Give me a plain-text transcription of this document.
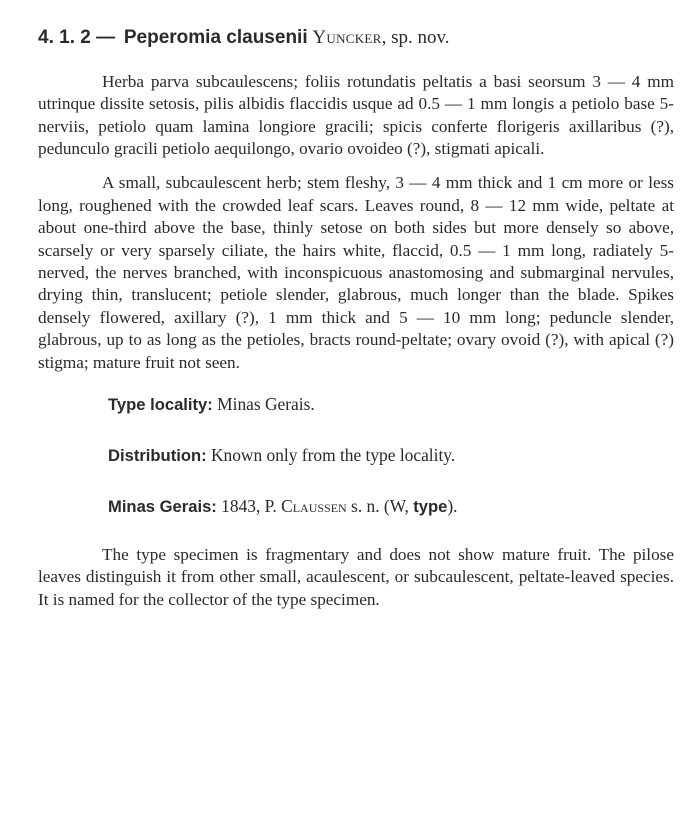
4. 1. 2 — Peperomia clausenii Yuncker, sp. nov.

Herba parva subcaulescens; foliis rotundatis peltatis a basi seorsum 3 — 4 mm utrinque dissite setosis, pilis albidis flaccidis usque ad 0.5 — 1 mm longis a petiolo base 5-nerviis, petiolo quam lamina longiore gracili; spicis conferte florigeris axillaribus (?), pedunculo gracili petiolo aequilongo, ovario ovoideo (?), stigmati apicali.

A small, subcaulescent herb; stem fleshy, 3 — 4 mm thick and 1 cm more or less long, roughened with the crowded leaf scars. Leaves round, 8 — 12 mm wide, peltate at about one-third above the base, thinly setose on both sides but more densely so above, scarsely or very sparsely ciliate, the hairs white, flaccid, 0.5 — 1 mm long, radiately 5-nerved, the nerves branched, with inconspicuous anastomosing and submarginal nervules, drying thin, translucent; petiole slender, glabrous, much longer than the blade. Spikes densely flowered, axillary (?), 1 mm thick and 5 — 10 mm long; peduncle slender, glabrous, up to as long as the petioles, bracts round-peltate; ovary ovoid (?), with apical (?) stigma; mature fruit not seen.

Type locality: Minas Gerais.

Distribution: Known only from the type locality.

Minas Gerais: 1843, P. Claussen s. n. (W, type).

The type specimen is fragmentary and does not show mature fruit. The pilose leaves distinguish it from other small, acaulescent, or subcaulescent, peltate-leaved species. It is named for the collector of the type specimen.
